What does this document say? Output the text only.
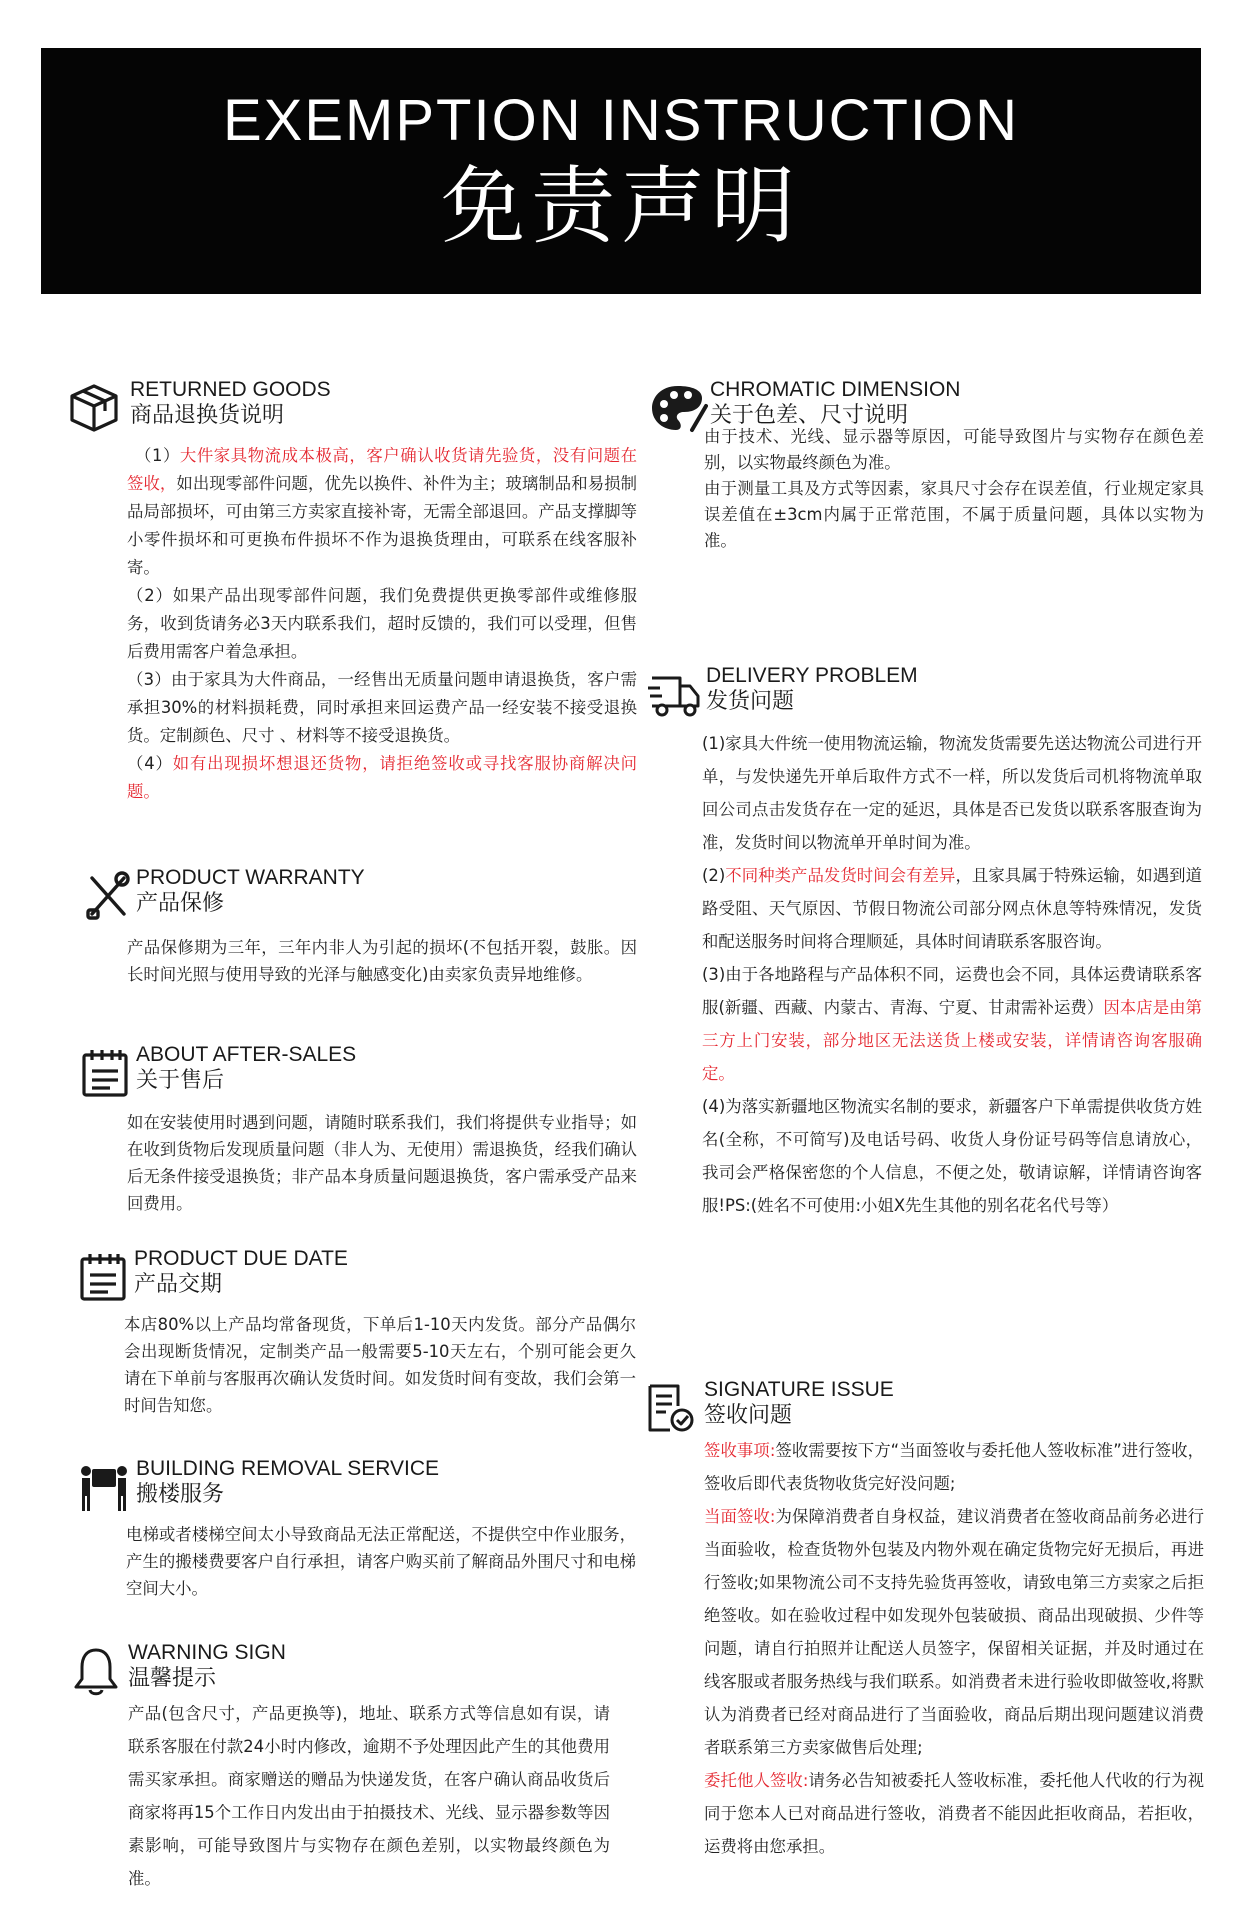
EXEMPTION INSTRUCTION
免责声明
RETURNED GOODS
商品退换货说明

（1）大件家具物流成本极高，客户确认收货请先验货，没有问题在签收，如出现零部件问题，优先以换件、补件为主；玻璃制品和易损制品局部损坏，可由第三方卖家直接补寄，无需全部退回。产品支撑脚等小零件损坏和可更换布件损坏不作为退换货理由，可联系在线客服补寄。

（2）如果产品出现零部件问题，我们免费提供更换零部件或维修服务，收到货请务必3天内联系我们，超时反馈的，我们可以受理，但售后费用需客户着急承担。

（3）由于家具为大件商品，一经售出无质量问题申请退换货，客户需承担30%的材料损耗费，同时承担来回运费产品一经安装不接受退换货。定制颜色、尺寸 、材料等不接受退换货。

（4）如有出现损坏想退还货物，请拒绝签收或寻找客服协商解决问题。

PRODUCT WARRANTY
产品保修

产品保修期为三年，三年内非人为引起的损坏(不包括开裂，鼓胀。因长时间光照与使用导致的光泽与触感变化)由卖家负责异地维修。

ABOUT AFTER-SALES
关于售后

如在安装使用时遇到问题，请随时联系我们，我们将提供专业指导；如在收到货物后发现质量问题（非人为、无使用）需退换货，经我们确认后无条件接受退换货；非产品本身质量问题退换货，客户需承受产品来回费用。

PRODUCT DUE DATE
产品交期

本店80%以上产品均常备现货，下单后1-10天内发货。部分产品偶尔会出现断货情况，定制类产品一般需要5-10天左右，个别可能会更久请在下单前与客服再次确认发货时间。如发货时间有变故，我们会第一时间告知您。

BUILDING REMOVAL SERVICE
搬楼服务

电梯或者楼梯空间太小导致商品无法正常配送，不提供空中作业服务，产生的搬楼费要客户自行承担，请客户购买前了解商品外围尺寸和电梯空间大小。

WARNING SIGN
温馨提示

产品(包含尺寸，产品更换等)，地址、联系方式等信息如有误，请联系客服在付款24小时内修改，逾期不予处理因此产生的其他费用需买家承担。商家赠送的赠品为快递发货，在客户确认商品收货后商家将再15个工作日内发出由于拍摄技术、光线、显示器参数等因素影响，可能导致图片与实物存在颜色差别，以实物最终颜色为准。

CHROMATIC DIMENSION
关于色差、尺寸说明

由于技术、光线、显示器等原因，可能导致图片与实物存在颜色差别，以实物最终颜色为准。

由于测量工具及方式等因素，家具尺寸会存在误差值，行业规定家具误差值在±3cm内属于正常范围，不属于质量问题，具体以实物为准。

DELIVERY PROBLEM
发货问题

(1)家具大件统一使用物流运输，物流发货需要先送达物流公司进行开单，与发快递先开单后取件方式不一样，所以发货后司机将物流单取回公司点击发货存在一定的延迟，具体是否已发货以联系客服查询为准，发货时间以物流单开单时间为准。

(2)不同种类产品发货时间会有差异，且家具属于特殊运输，如遇到道路受阻、天气原因、节假日物流公司部分网点休息等特殊情况，发货和配送服务时间将合理顺延，具体时间请联系客服咨询。

(3)由于各地路程与产品体积不同，运费也会不同，具体运费请联系客服(新疆、西藏、内蒙古、青海、宁夏、甘肃需补运费）因本店是由第三方上门安装，部分地区无法送货上楼或安装，详情请咨询客服确定。

(4)为落实新疆地区物流实名制的要求，新疆客户下单需提供收货方姓名(全称，不可简写)及电话号码、收货人身份证号码等信息请放心，我司会严格保密您的个人信息，不便之处，敬请谅解，详情请咨询客服!PS:(姓名不可使用:小姐X先生其他的别名花名代号等）

SIGNATURE ISSUE
签收问题

签收事项:签收需要按下方“当面签收与委托他人签收标准”进行签收，签收后即代表货物收货完好没问题;

当面签收:为保障消费者自身权益，建议消费者在签收商品前务必进行当面验收，检查货物外包装及内物外观在确定货物完好无损后，再进行签收;如果物流公司不支持先验货再签收，请致电第三方卖家之后拒绝签收。如在验收过程中如发现外包装破损、商品出现破损、少件等问题，请自行拍照并让配送人员签字，保留相关证据，并及时通过在线客服或者服务热线与我们联系。如消费者未进行验收即做签收,将默认为消费者已经对商品进行了当面验收，商品后期出现问题建议消费者联系第三方卖家做售后处理;

委托他人签收:请务必告知被委托人签收标准，委托他人代收的行为视同于您本人已对商品进行签收，消费者不能因此拒收商品，若拒收，运费将由您承担。
